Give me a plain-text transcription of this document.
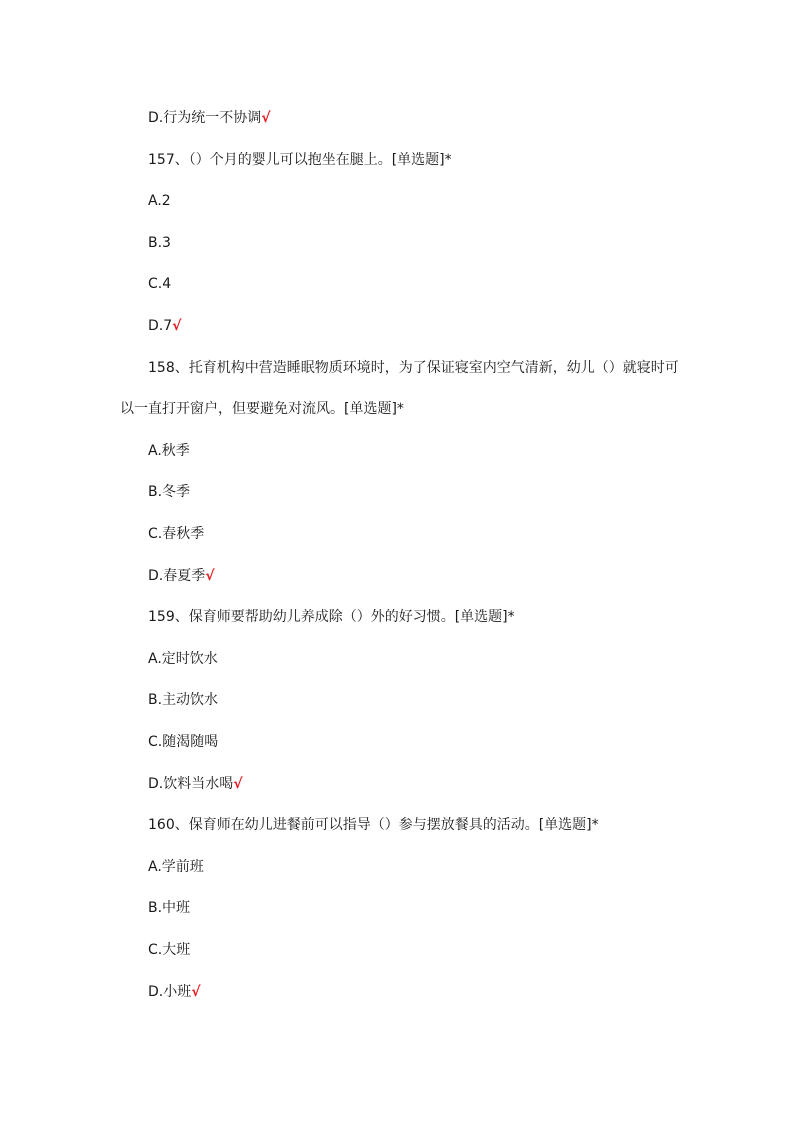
D.行为统一不协调√
157、（）个月的婴儿可以抱坐在腿上。[单选题]*
A.2
B.3
C.4
D.7√
158、托育机构中营造睡眠物质环境时，为了保证寝室内空气清新，幼儿（）就寝时可
以一直打开窗户，但要避免对流风。[单选题]*
A.秋季
B.冬季
C.春秋季
D.春夏季√
159、保育师要帮助幼儿养成除（）外的好习惯。[单选题]*
A.定时饮水
B.主动饮水
C.随渴随喝
D.饮料当水喝√
160、保育师在幼儿进餐前可以指导（）参与摆放餐具的活动。[单选题]*
A.学前班
B.中班
C.大班
D.小班√
